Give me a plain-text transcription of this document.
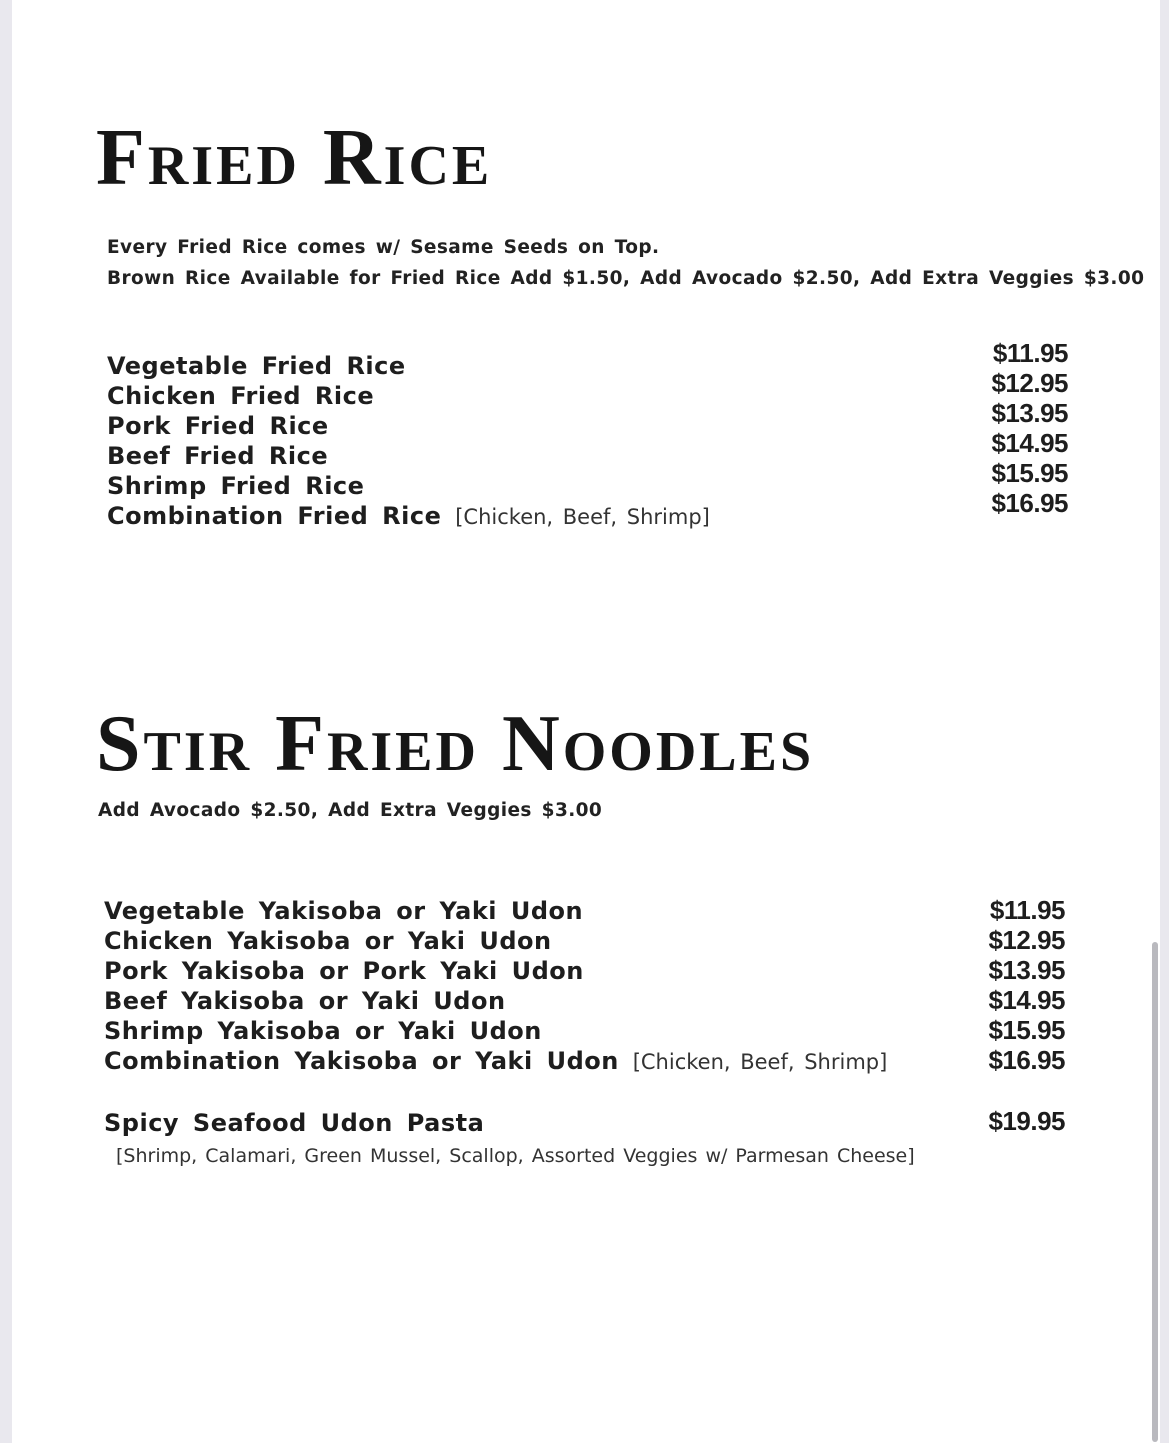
Fried Rice

Every Fried Rice comes w/ Sesame Seeds on Top.

Brown Rice Available for Fried Rice Add $1.50, Add Avocado $2.50, Add Extra Veggies $3.00

Vegetable Fried Rice
Chicken Fried Rice
Pork Fried Rice
Beef Fried Rice
Shrimp Fried Rice
Combination Fried Rice [Chicken, Beef, Shrimp]
$11.95
$12.95
$13.95
$14.95
$15.95
$16.95
Stir Fried Noodles

Add Avocado $2.50, Add Extra Veggies $3.00

Vegetable Yakisoba or Yaki Udon
Chicken Yakisoba or Yaki Udon
Pork Yakisoba or Pork Yaki Udon
Beef Yakisoba or Yaki Udon
Shrimp Yakisoba or Yaki Udon
Combination Yakisoba or Yaki Udon [Chicken, Beef, Shrimp]
$11.95
$12.95
$13.95
$14.95
$15.95
$16.95

Spicy Seafood Udon Pasta

[Shrimp, Calamari, Green Mussel, Scallop, Assorted Veggies w/ Parmesan Cheese]

$19.95
